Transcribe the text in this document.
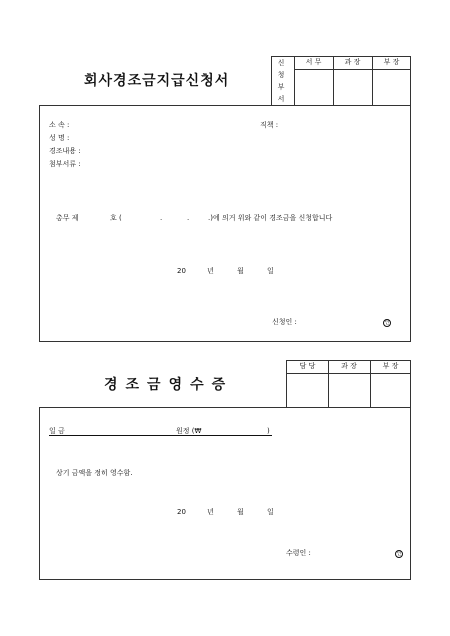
회사경조금지급신청서
신
청
부
서
서 무	과 장	부 장
소 속 :	직책 :
성 명 :
경조내용 :
첨부서류 :
총무 제	호 (	.	.	.)에 의거 위와 같이 경조금을 신청합니다
20	년	월	일
신청인 :	인
경조금영수증
담 당	과 장	부 장
일 금	원정 (₩	)
상기 금액을 정히 영수함.
20	년	월	일
수령인 :	인
